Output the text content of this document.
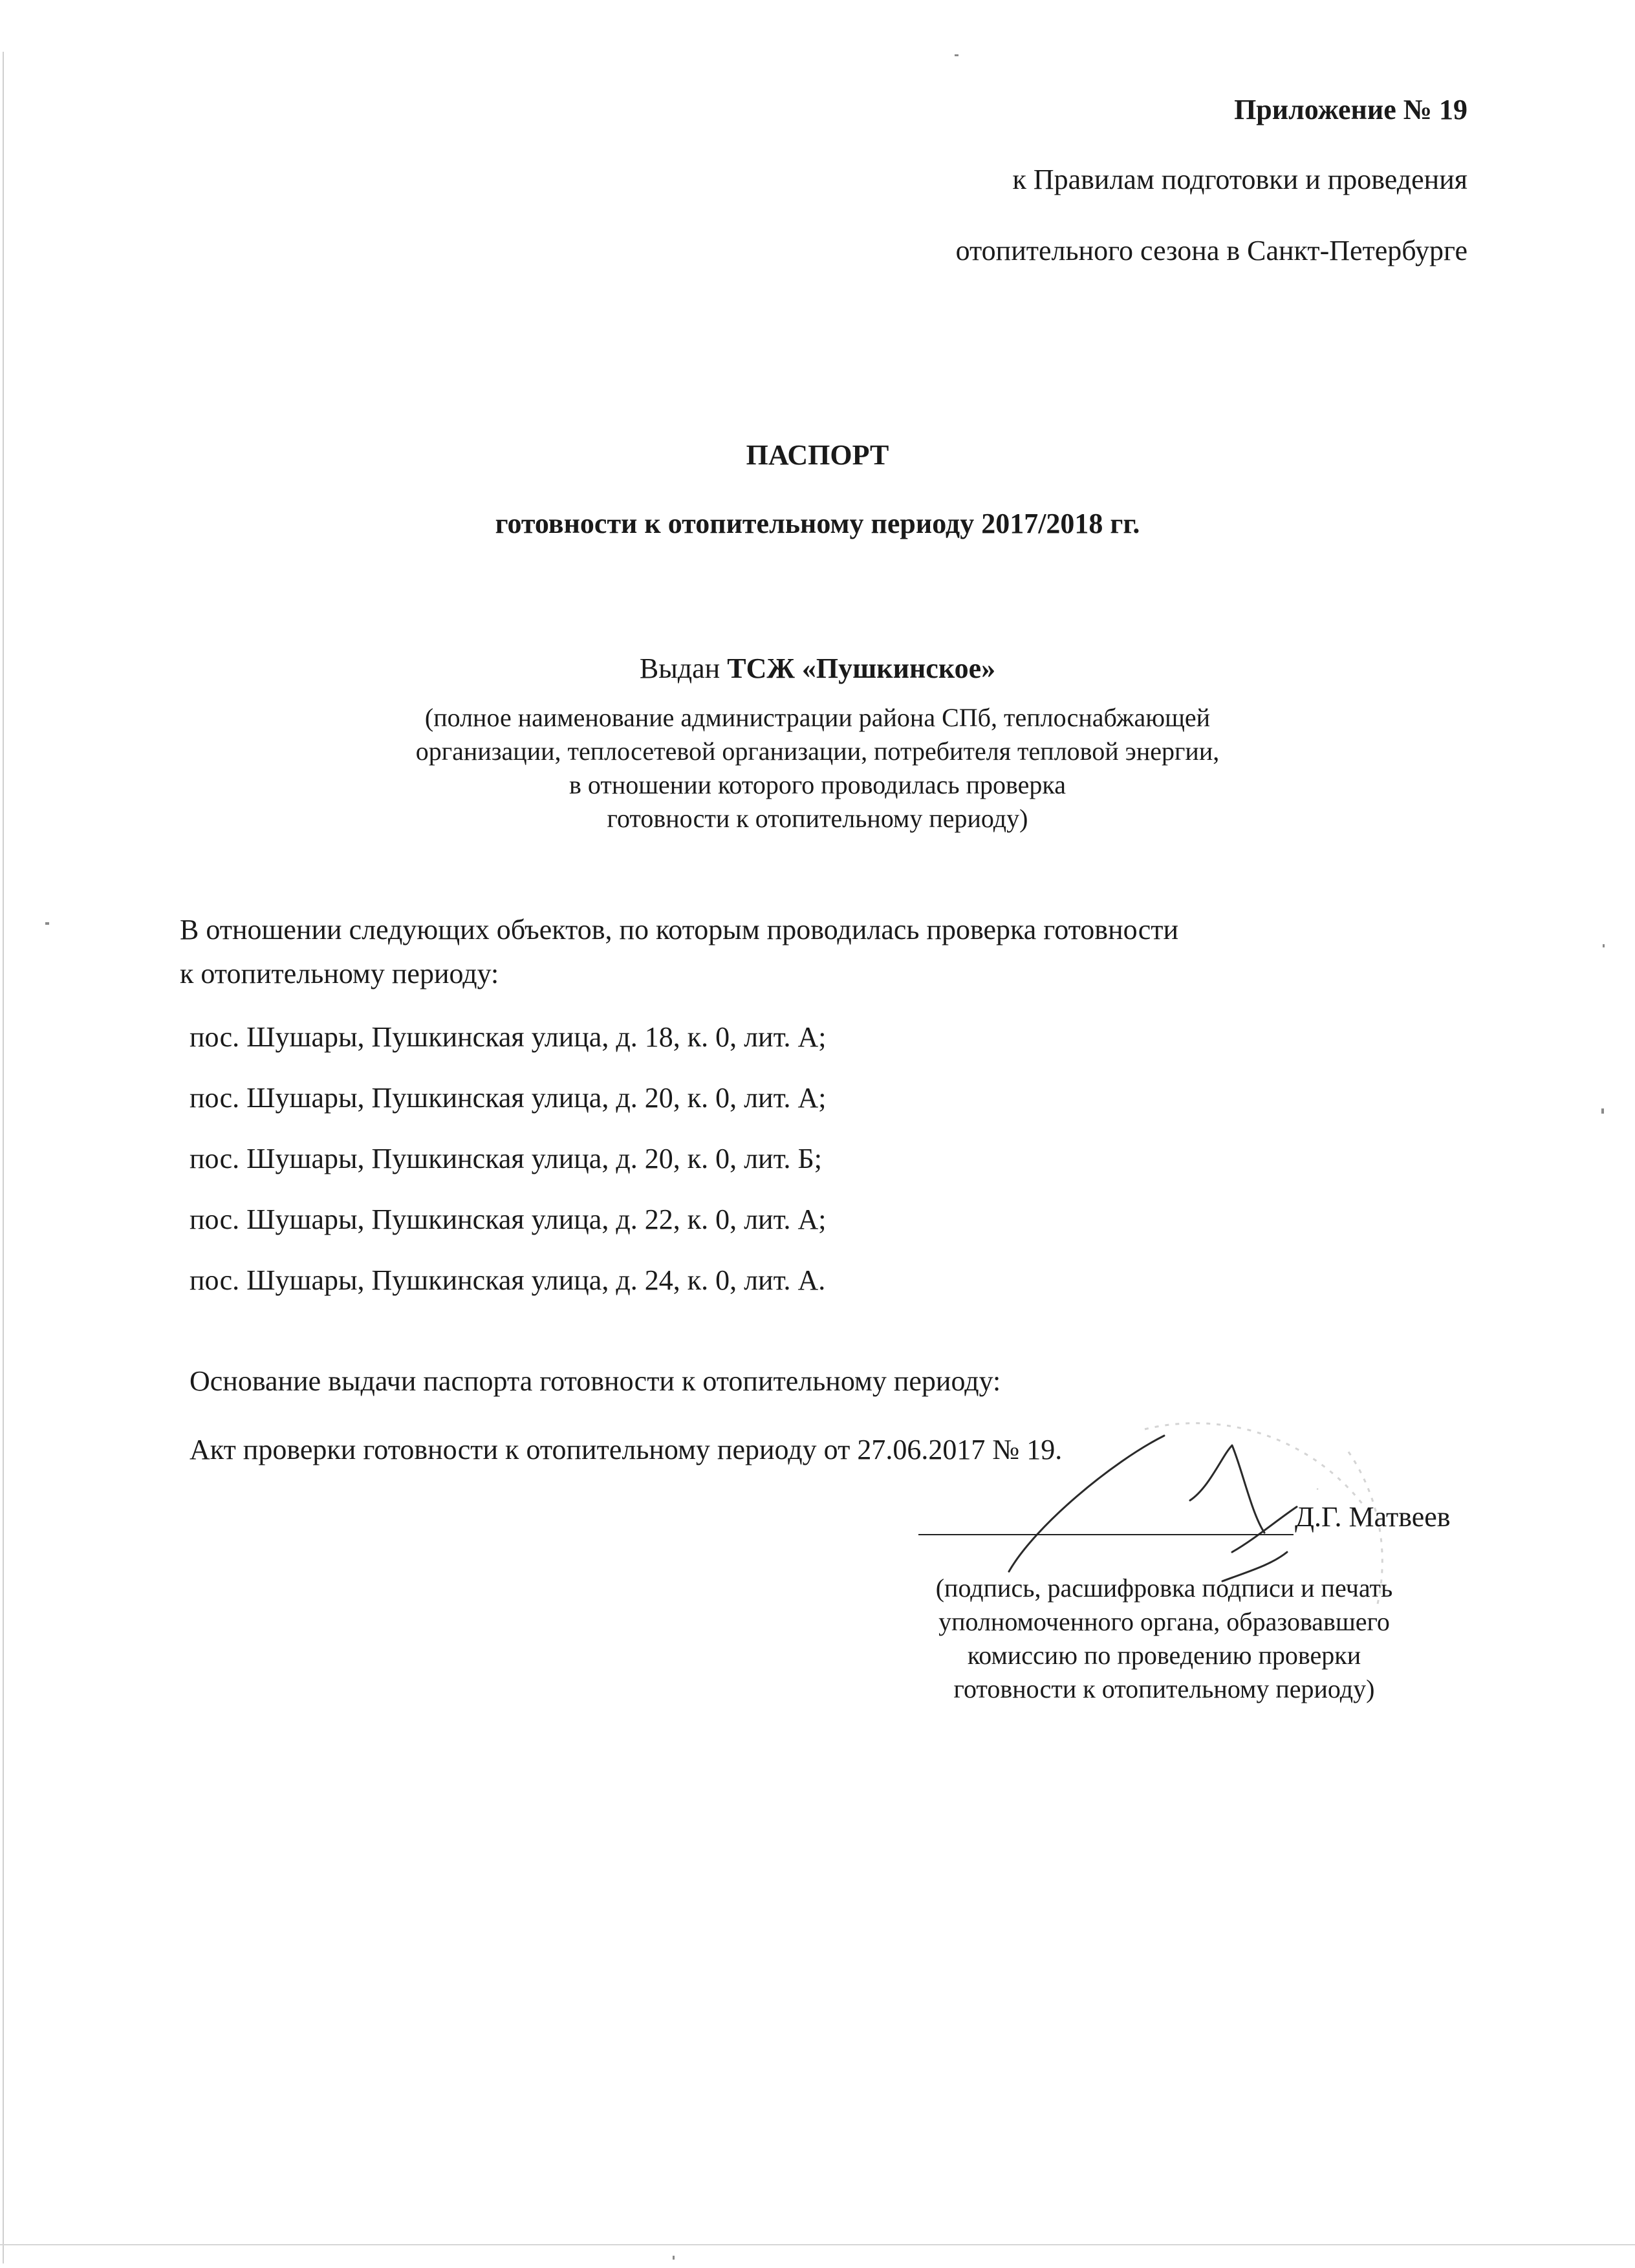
.
Приложение № 19
к Правилам подготовки и проведения
отопительного сезона в Санкт-Петербурге
ПАСПОРТ
готовности к отопительному периоду 2017/2018 гг.
Выдан ТСЖ «Пушкинское»
(полное наименование администрации района СПб, теплоснабжающей
организации, теплосетевой организации, потребителя тепловой энергии,
в отношении которого проводилась проверка
готовности к отопительному периоду)
В отношении следующих объектов, по которым проводилась проверка готовности
к отопительному периоду:
пос. Шушары, Пушкинская улица, д. 18, к. 0, лит. А;
пос. Шушары, Пушкинская улица, д. 20, к. 0, лит. А;
пос. Шушары, Пушкинская улица, д. 20, к. 0, лит. Б;
пос. Шушары, Пушкинская улица, д. 22, к. 0, лит. А;
пос. Шушары, Пушкинская улица, д. 24, к. 0, лит. А.
Основание выдачи паспорта готовности к отопительному периоду:
Акт проверки готовности к отопительному периоду от 27.06.2017 № 19.
Д.Г. Матвеев
(подпись, расшифровка подписи и печать
уполномоченного органа, образовавшего
комиссию по проведению проверки
готовности к отопительному периоду)
